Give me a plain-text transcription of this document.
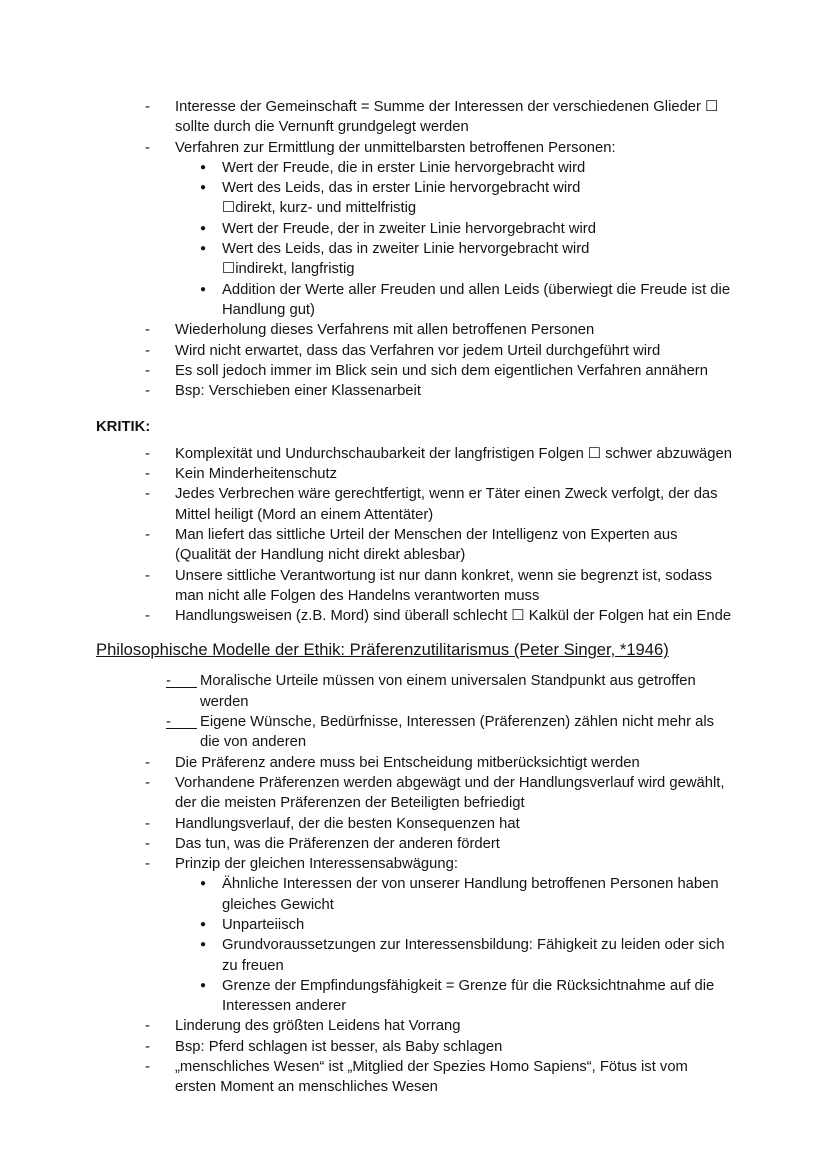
- Interesse der Gemeinschaft = Summe der Interessen der verschiedenen Glieder ☐ sollte durch die Vernunft grundgelegt werden
- Verfahren zur Ermittlung der unmittelbarsten betroffenen Personen:
● Wert der Freude, die in erster Linie hervorgebracht wird
● Wert des Leids, das in erster Linie hervorgebracht wird
☐direkt, kurz- und mittelfristig
● Wert der Freude, der in zweiter Linie hervorgebracht wird
● Wert des Leids, das in zweiter Linie hervorgebracht wird
☐indirekt, langfristig
● Addition der Werte aller Freuden und allen Leids (überwiegt die Freude ist die Handlung gut)
- Wiederholung dieses Verfahrens mit allen betroffenen Personen
- Wird nicht erwartet, dass das Verfahren vor jedem Urteil durchgeführt wird
- Es soll jedoch immer im Blick sein und sich dem eigentlichen Verfahren annähern
- Bsp: Verschieben einer Klassenarbeit
KRITIK:
- Komplexität und Undurchschaubarkeit der langfristigen Folgen ☐ schwer abzuwägen
- Kein Minderheitenschutz
- Jedes Verbrechen wäre gerechtfertigt, wenn er Täter einen Zweck verfolgt, der das Mittel heiligt (Mord an einem Attentäter)
- Man liefert das sittliche Urteil der Menschen der Intelligenz von Experten aus (Qualität der Handlung nicht direkt ablesbar)
- Unsere sittliche Verantwortung ist nur dann konkret, wenn sie begrenzt ist, sodass man nicht alle Folgen des Handelns verantworten muss
- Handlungsweisen (z.B. Mord) sind überall schlecht ☐ Kalkül der Folgen hat ein Ende
Philosophische Modelle der Ethik: Präferenzutilitarismus (Peter Singer, *1946)
-	Moralische Urteile müssen von einem universalen Standpunkt aus getroffen werden
-	Eigene Wünsche, Bedürfnisse, Interessen (Präferenzen) zählen nicht mehr als die von anderen
- Die Präferenz andere muss bei Entscheidung mitberücksichtigt werden
- Vorhandene Präferenzen werden abgewägt und der Handlungsverlauf wird gewählt, der die meisten Präferenzen der Beteiligten befriedigt
- Handlungsverlauf, der die besten Konsequenzen hat
- Das tun, was die Präferenzen der anderen fördert
- Prinzip der gleichen Interessensabwägung:
● Ähnliche Interessen der von unserer Handlung betroffenen Personen haben gleiches Gewicht
● Unparteiisch
● Grundvoraussetzungen zur Interessensbildung: Fähigkeit zu leiden oder sich zu freuen
● Grenze der Empfindungsfähigkeit = Grenze für die Rücksichtnahme auf die Interessen anderer
- Linderung des größten Leidens hat Vorrang
- Bsp: Pferd schlagen ist besser, als Baby schlagen
- „menschliches Wesen“ ist „Mitglied der Spezies Homo Sapiens“, Fötus ist vom ersten Moment an menschliches Wesen
